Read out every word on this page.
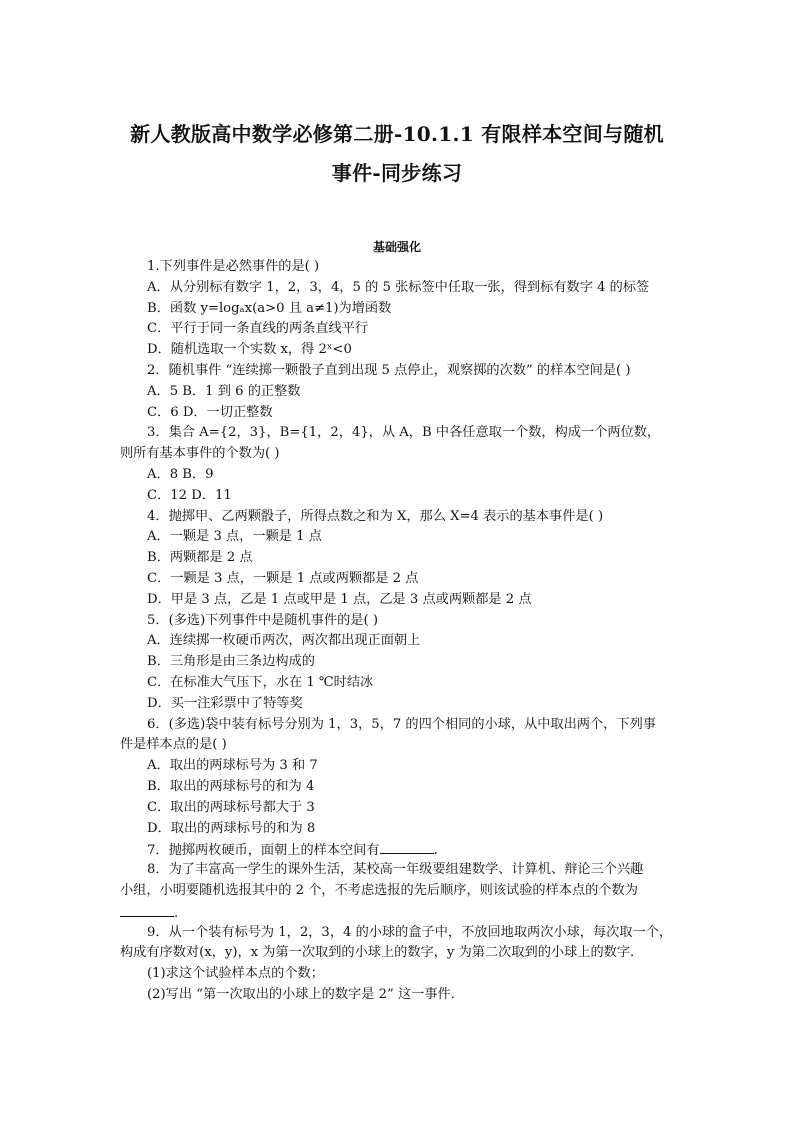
新人教版高中数学必修第二册-10.1.1 有限样本空间与随机
事件-同步练习
基础强化
1.下列事件是必然事件的是( )
A．从分别标有数字 1，2，3，4，5 的 5 张标签中任取一张，得到标有数字 4 的标签
B．函数 y=logₐx(a>0 且 a≠1)为增函数
C．平行于同一条直线的两条直线平行
D．随机选取一个实数 x，得 2ˣ<0
2．随机事件 “连续掷一颗骰子直到出现 5 点停止，观察掷的次数” 的样本空间是( )
A．5 B．1 到 6 的正整数
C．6 D．一切正整数
3．集合 A={2，3}，B={1，2，4}，从 A，B 中各任意取一个数，构成一个两位数，
则所有基本事件的个数为( )
A．8 B．9
C．12 D．11
4．抛掷甲、乙两颗骰子，所得点数之和为 X，那么 X=4 表示的基本事件是( )
A．一颗是 3 点，一颗是 1 点
B．两颗都是 2 点
C．一颗是 3 点，一颗是 1 点或两颗都是 2 点
D．甲是 3 点，乙是 1 点或甲是 1 点，乙是 3 点或两颗都是 2 点
5．(多选)下列事件中是随机事件的是( )
A．连续掷一枚硬币两次，两次都出现正面朝上
B．三角形是由三条边构成的
C．在标准大气压下，水在 1 ℃时结冰
D．买一注彩票中了特等奖
6．(多选)袋中装有标号分别为 1，3，5，7 的四个相同的小球，从中取出两个，下列事
件是样本点的是( )
A．取出的两球标号为 3 和 7
B．取出的两球标号的和为 4
C．取出的两球标号都大于 3
D．取出的两球标号的和为 8
7．抛掷两枚硬币，面朝上的样本空间有	.
8．为了丰富高一学生的课外生活，某校高一年级要组建数学、计算机、辩论三个兴趣
小组，小明要随机选报其中的 2 个，不考虑选报的先后顺序，则该试验的样本点的个数为
.
9．从一个装有标号为 1，2，3，4 的小球的盒子中，不放回地取两次小球，每次取一个，
构成有序数对(x，y)，x 为第一次取到的小球上的数字，y 为第二次取到的小球上的数字．
(1)求这个试验样本点的个数；
(2)写出 “第一次取出的小球上的数字是 2” 这一事件．
